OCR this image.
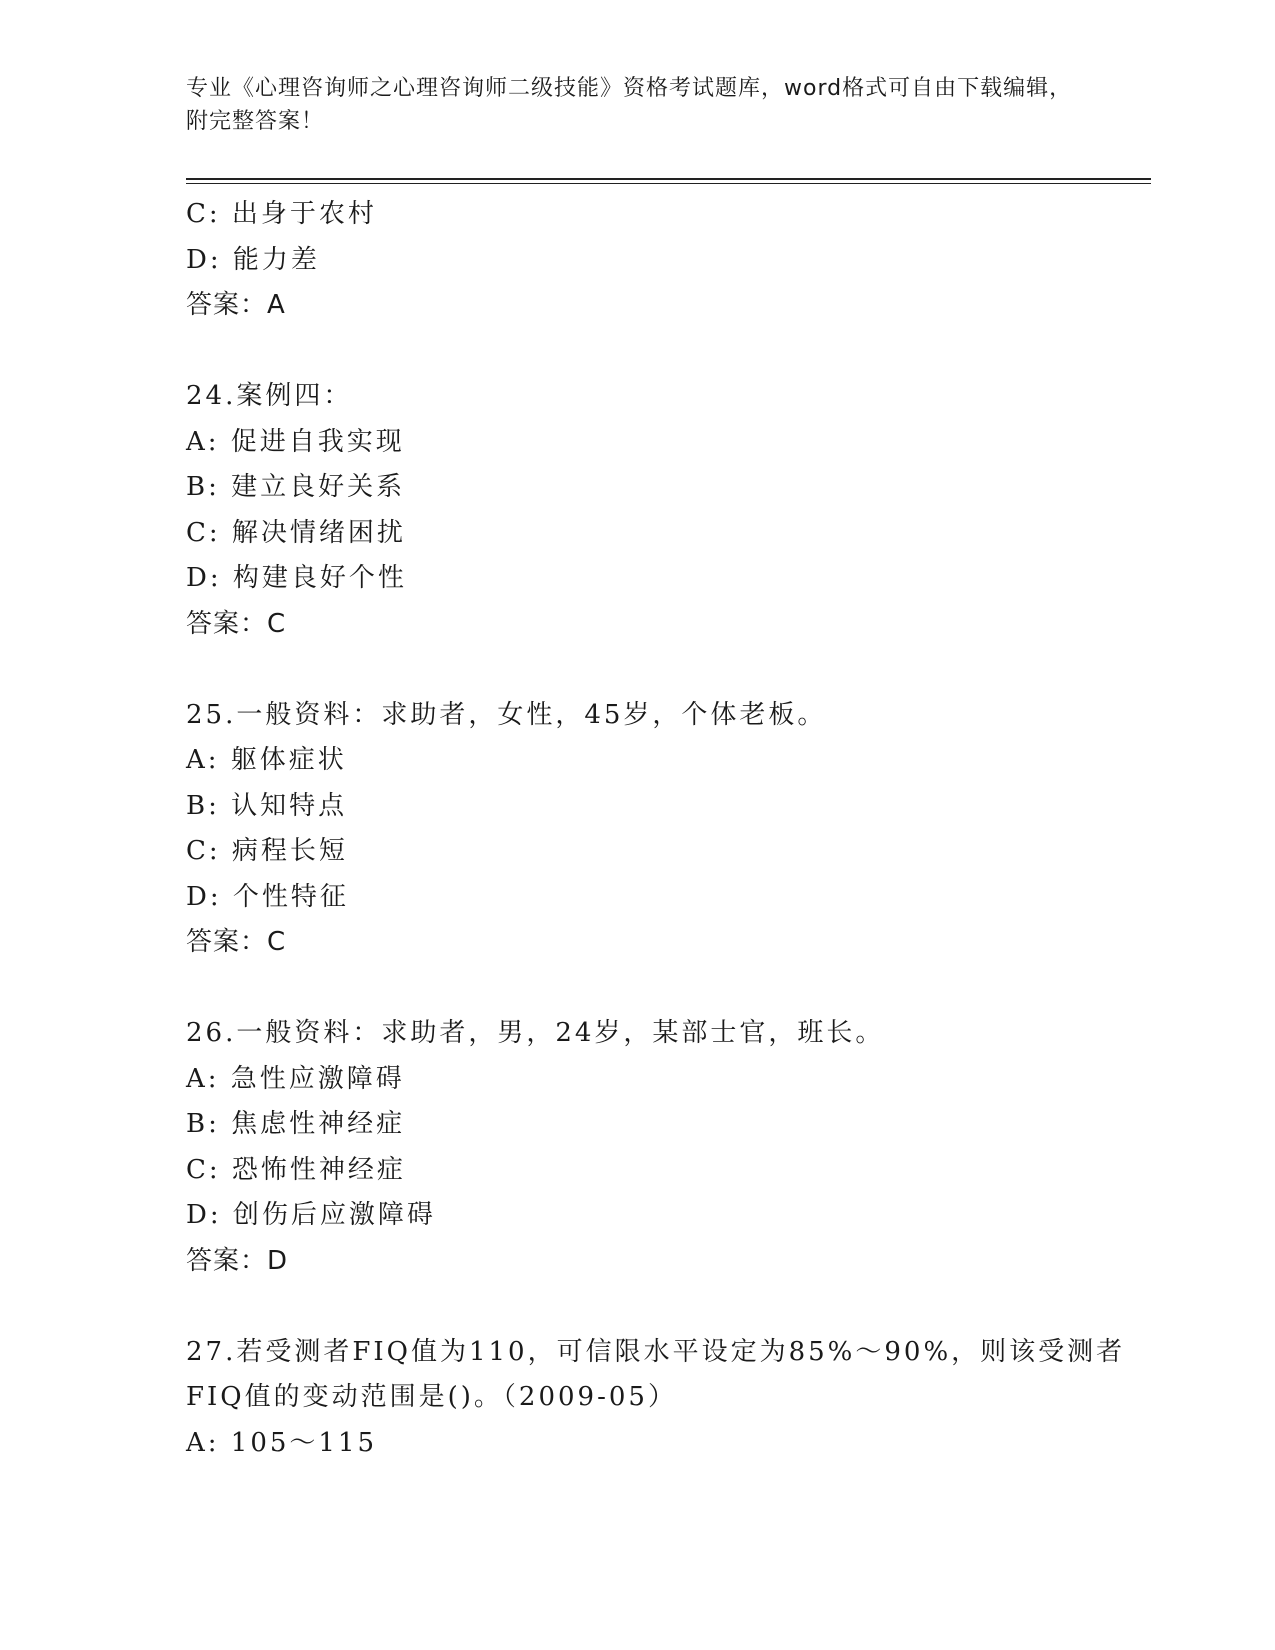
专业《心理咨询师之心理咨询师二级技能》资格考试题库，word格式可自由下载编辑，附完整答案！
C: 出身于农村
D: 能力差
答案：A
24.案例四：
A: 促进自我实现
B: 建立良好关系
C: 解决情绪困扰
D: 构建良好个性
答案：C
25.一般资料：求助者，女性，45岁，个体老板。
A: 躯体症状
B: 认知特点
C: 病程长短
D: 个性特征
答案：C
26.一般资料：求助者，男，24岁，某部士官，班长。
A: 急性应激障碍
B: 焦虑性神经症
C: 恐怖性神经症
D: 创伤后应激障碍
答案：D
27.若受测者FIQ值为110，可信限水平设定为85%～90%，则该受测者
FIQ值的变动范围是()。（2009-05）
A: 105～115
